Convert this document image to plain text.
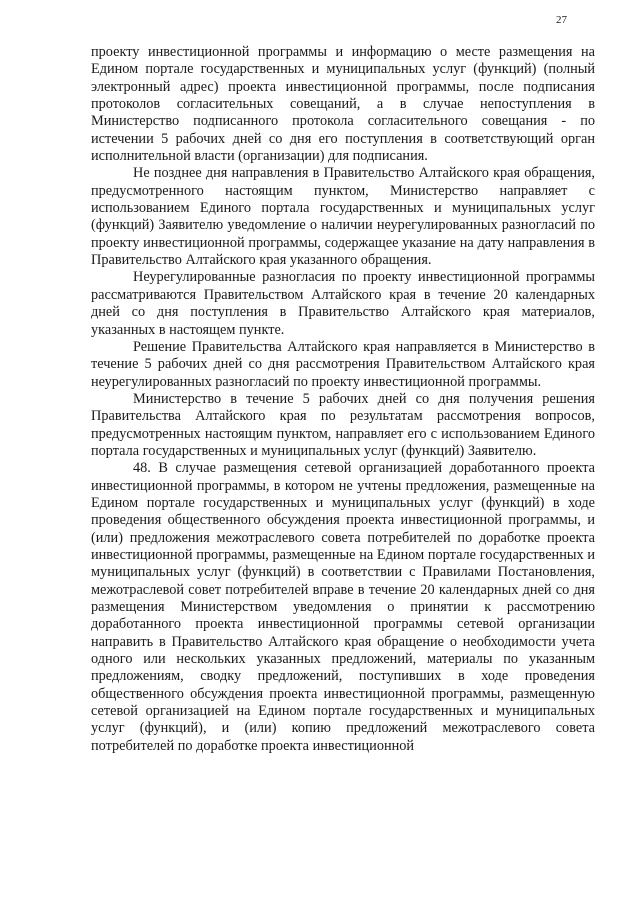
27

проекту инвестиционной программы и информацию о месте размещения на Едином портале государственных и муниципальных услуг (функций) (полный электронный адрес) проекта инвестиционной программы, после подписания протоколов согласительных совещаний, а в случае непоступления в Министерство подписанного протокола согласительного совещания - по истечении 5 рабочих дней со дня его поступления в соответствующий орган исполнительной власти (организации) для подписания.

Не позднее дня направления в Правительство Алтайского края обращения, предусмотренного настоящим пунктом, Министерство направляет с использованием Единого портала государственных и муниципальных услуг (функций) Заявителю уведомление о наличии неурегулированных разногласий по проекту инвестиционной программы, содержащее указание на дату направления в Правительство Алтайского края указанного обращения.

Неурегулированные разногласия по проекту инвестиционной программы рассматриваются Правительством Алтайского края в течение 20 календарных дней со дня поступления в Правительство Алтайского края материалов, указанных в настоящем пункте.

Решение Правительства Алтайского края направляется в Министерство в течение 5 рабочих дней со дня рассмотрения Правительством Алтайского края неурегулированных разногласий по проекту инвестиционной программы.

Министерство в течение 5 рабочих дней со дня получения решения Правительства Алтайского края по результатам рассмотрения вопросов, предусмотренных настоящим пунктом, направляет его с использованием Единого портала государственных и муниципальных услуг (функций) Заявителю.

48. В случае размещения сетевой организацией доработанного проекта инвестиционной программы, в котором не учтены предложения, размещенные на Едином портале государственных и муниципальных услуг (функций) в ходе проведения общественного обсуждения проекта инвестиционной программы, и (или) предложения межотраслевого совета потребителей по доработке проекта инвестиционной программы, размещенные на Едином портале государственных и муниципальных услуг (функций) в соответствии с Правилами Постановления, межотраслевой совет потребителей вправе в течение 20 календарных дней со дня размещения Министерством уведомления о принятии к рассмотрению доработанного проекта инвестиционной программы сетевой организации направить в Правительство Алтайского края обращение о необходимости учета одного или нескольких указанных предложений, материалы по указанным предложениям, сводку предложений, поступивших в ходе проведения общественного обсуждения проекта инвестиционной программы, размещенную сетевой организацией на Едином портале государственных и муниципальных услуг (функций), и (или) копию предложений межотраслевого совета потребителей по доработке проекта инвестиционной
